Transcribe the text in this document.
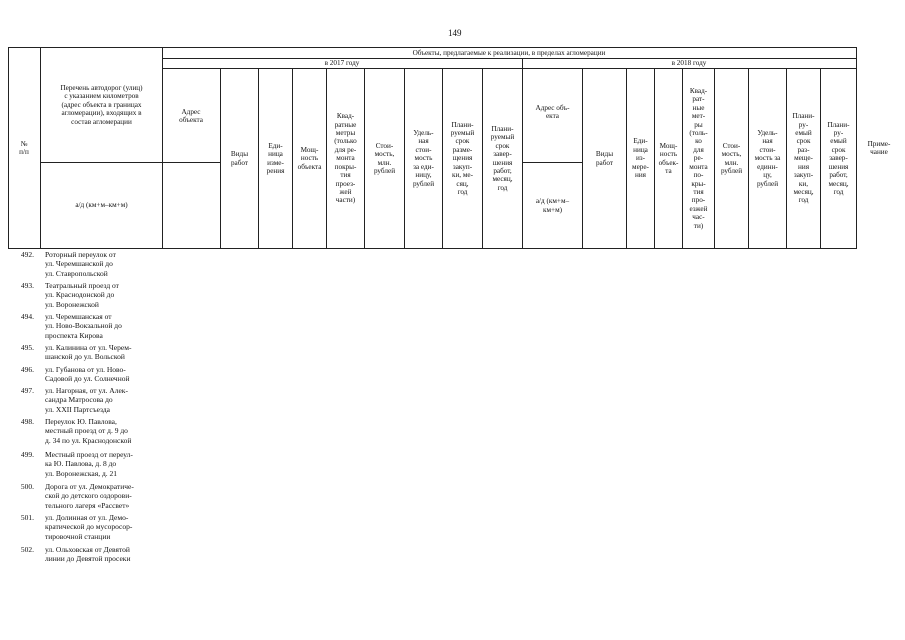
149
Объекты, предлагаемые к реализации, в пределах агломерации
№
п/п
Перечень автодорог (улиц)
с указанием километров
(адрес объекта в границах
агломерации), входящих в
состав агломерации
а/д (км+м–км+м)
в 2017 году	в 2018 году
Адрес
объекта
Виды
работ
Еди-
ница
изме-
рения
Мощ-
ность
объекта
Квад-
ратные
метры
(только
для ре-
монта
покры-
тия
проез-
жей
части)
Стои-
мость,
млн.
рублей
Удель-
ная
стои-
мость
за еди-
ницу,
рублей
Плани-
руемый
срок
разме-
щения
закуп-
ки, ме-
сяц,
год
Плани-
руемый
срок
завер-
шения
работ,
месяц,
год
Адрес объ-
екта
а/д (км+м–
км+м)
Виды
работ
Еди-
ница
из-
мере-
ния
Мощ-
ность
объек-
та
Квад-
рат-
ные
мет-
ры
(толь-
ко
для
ре-
монта
по-
кры-
тия
про-
езжей
час-
ти)
Стои-
мость,
млн.
рублей
Удель-
ная
стои-
мость за
единн-
цу,
рублей
Плани-
ру-
емый
срок
раз-
меще-
ния
закуп-
ки,
месяц,
год
Плани-
ру-
емый
срок
завер-
шения
работ,
месяц,
год
Приме-
чание
492. Роторный переулок от
ул. Черемшанской до
ул. Ставропольской
493. Театральный проезд от
ул. Краснодонской до
ул. Воронежской
494. ул. Черемшанская от
ул. Ново-Вокзальной до
проспекта Кирова
495. ул. Калинина от ул. Черем-
шанской до ул. Вольской
496. ул. Губанова от ул. Ново-
Садовой до ул. Солнечной
497. ул. Нагорная, от ул. Алек-
сандра Матросова до
ул. XXII Партсъезда
498. Переулок Ю. Павлова,
местный проезд от д. 9 до
д. 34 по ул. Краснодонской
499. Местный проезд от переул-
ка Ю. Павлова, д. 8 до
ул. Воронежская, д. 21
500. Дорога от ул. Демократиче-
ской до детского оздорови-
тельного лагеря «Рассвет»
501. ул. Долинная от ул. Демо-
кратической до мусоросор-
тировочной станции
502. ул. Ольховская от Девятой
линии до Девятой просеки
